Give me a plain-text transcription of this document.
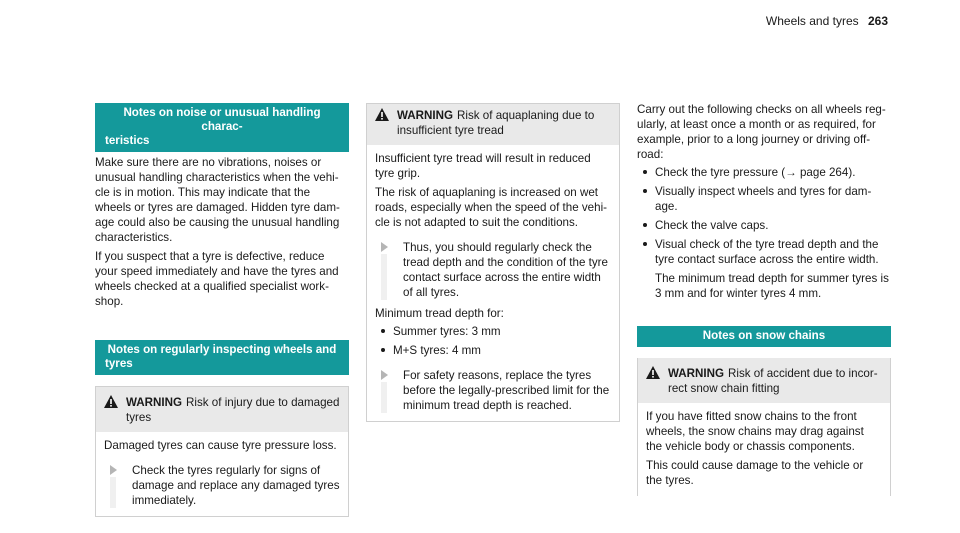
Wheels and tyres 263
Notes on noise or unusual handling charac-
teristics

Make sure there are no vibrations, noises or unusual handling characteristics when the vehi-cle is in motion. This may indicate that the wheels or tyres are damaged. Hidden tyre dam-age could also be causing the unusual handling characteristics.

If you suspect that a tyre is defective, reduce your speed immediately and have the tyres and wheels checked at a qualified specialist work-shop.

Notes on regularly inspecting wheels and
tyres
WARNING Risk of injury due to damaged tyres

Damaged tyres can cause tyre pressure loss.

Check the tyres regularly for signs of damage and replace any damaged tyres immediately.
WARNING Risk of aquaplaning due to insufficient tyre tread

Insufficient tyre tread will result in reduced tyre grip.

The risk of aquaplaning is increased on wet roads, especially when the speed of the vehi-cle is not adapted to suit the conditions.

Thus, you should regularly check the tread depth and the condition of the tyre contact surface across the entire width of all tyres.

Minimum tread depth for:

Summer tyres: 3 mm
M+S tyres: 4 mm
For safety reasons, replace the tyres before the legally-prescribed limit for the minimum tread depth is reached.

Carry out the following checks on all wheels reg-ularly, at least once a month or as required, for example, prior to a long journey or driving off-road:

Check the tyre pressure (→ page 264).
Visually inspect wheels and tyres for dam-age.
Check the valve caps.
Visual check of the tyre tread depth and the tyre contact surface across the entire width.

The minimum tread depth for summer tyres is 3 mm and for winter tyres 4 mm.

Notes on snow chains
WARNING Risk of accident due to incor-rect snow chain fitting

If you have fitted snow chains to the front wheels, the snow chains may drag against the vehicle body or chassis components.

This could cause damage to the vehicle or the tyres.
